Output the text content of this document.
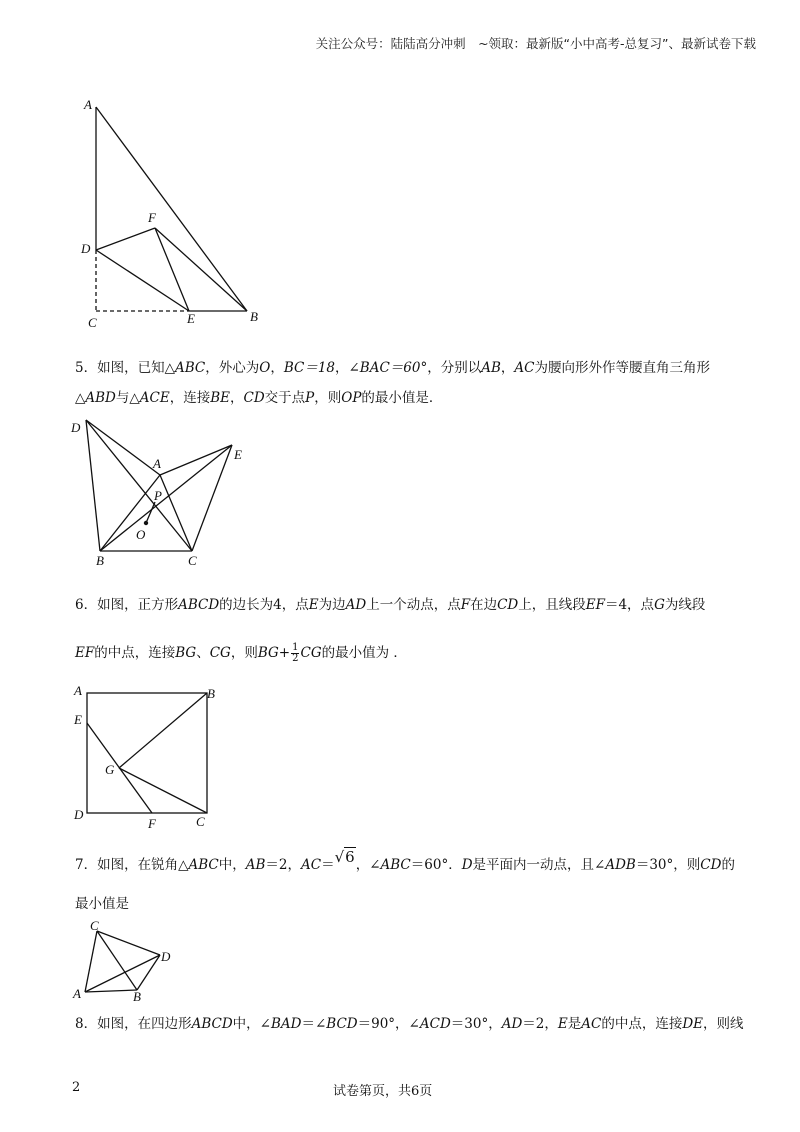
关注公众号：陆陆高分冲刺　~领取：最新版“小中高考-总复习”、最新试卷下载
A
F
D
C	E	B
5．如图，已知△ABC，外心为O，BC＝18，∠BAC＝60°，分别以AB，AC为腰向形外作等腰直角三角形
△ABD与△ACE，连接BE，CD交于点P，则OP的最小值是．
D
A
E
P
O
B	C
6．如图，正方形ABCD的边长为4，点E为边AD上一个动点，点F在边CD上，且线段EF＝4，点G为线段
EF的中点，连接BG、CG，则$BG+ \frac{1}{2}$ CG的最小值为 ．
A	B
E
G
D
F	C
7．如图，在锐角△ABC中，AB＝2，AC＝√6，∠ABC＝60°．D是平面内一动点，且∠ADB＝30°，则CD的
最小值是
C
D
A	B
8．如图，在四边形ABCD中，∠BAD＝∠BCD＝90°，∠ACD＝30°，AD＝2，E是AC的中点，连接DE，则线
2	试卷第页，共6页
